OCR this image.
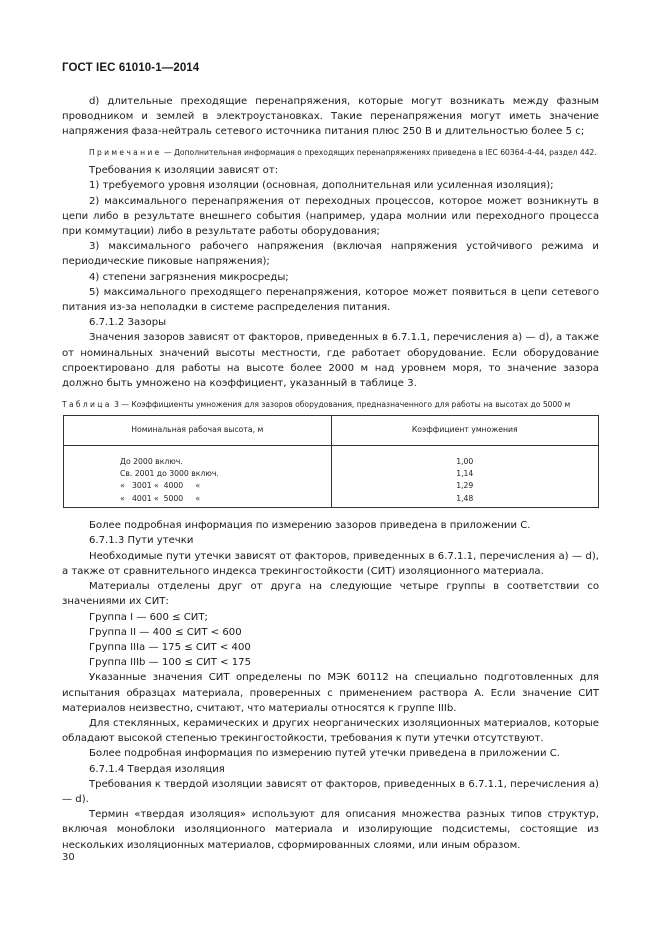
ГОСТ IEC 61010-1—2014

d) длительные преходящие перенапряжения, которые могут возникать между фазным проводником и землей в электроустановках. Такие перенапряжения могут иметь значение напряжения фаза-нейтраль сетевого источника питания плюс 250 В и длительностью более 5 с;

Примечание — Дополнительная информация о преходящих перенапряжениях приведена в IEC 60364-4-44, раздел 442.

Требования к изоляции зависят от:

1) требуемого уровня изоляции (основная, дополнительная или усиленная изоляция);

2) максимального перенапряжения от переходных процессов, которое может возникнуть в цепи либо в результате внешнего события (например, удара молнии или переходного процесса при коммутации) либо в результате работы оборудования;

3) максимального рабочего напряжения (включая напряжения устойчивого режима и периодические пиковые напряжения);

4) степени загрязнения микросреды;

5) максимального преходящего перенапряжения, которое может появиться в цепи сетевого питания из-за неполадки в системе распределения питания.

6.7.1.2 Зазоры

Значения зазоров зависят от факторов, приведенных в 6.7.1.1, перечисления a) — d), а также от номинальных значений высоты местности, где работает оборудование. Если оборудование спроектировано для работы на высоте более 2000 м над уровнем моря, то значение зазора должно быть умножено на коэффициент, указанный в таблице 3.

Таблица 3 — Коэффициенты умножения для зазоров оборудования, предназначенного для работы на высотах до 5000 м

Номинальная рабочая высота, м	Коэффициент умножения

До 2000 включ.	1,00
Св. 2001 до 3000 включ.	1,14
«   3001 «  4000     «	1,29
«   4001 «  5000     «	1,48

Более подробная информация по измерению зазоров приведена в приложении С.

6.7.1.3 Пути утечки

Необходимые пути утечки зависят от факторов, приведенных в 6.7.1.1, перечисления a) — d), а также от сравнительного индекса трекингостойкости (СИТ) изоляционного материала.

Материалы отделены друг от друга на следующие четыре группы в соответствии со значениями их СИТ:

Группа I — 600 ≤ СИТ;

Группа II — 400 ≤ СИТ < 600

Группа IIIa — 175 ≤ СИТ < 400

Группа IIIb — 100 ≤ СИТ < 175

Указанные значения СИТ определены по МЭК 60112 на специально подготовленных для испытания образцах материала, проверенных с применением раствора А. Если значение СИТ материалов неизвестно, считают, что материалы относятся к группе IIIb.

Для стеклянных, керамических и других неорганических изоляционных материалов, которые обладают высокой степенью трекингостойкости, требования к пути утечки отсутствуют.

Более подробная информация по измерению путей утечки приведена в приложении С.

6.7.1.4 Твердая изоляция

Требования к твердой изоляции зависят от факторов, приведенных в 6.7.1.1, перечисления a) — d).

Термин «твердая изоляция» используют для описания множества разных типов структур, включая моноблоки изоляционного материала и изолирующие подсистемы, состоящие из нескольких изоляционных материалов, сформированных слоями, или иным образом.

30
